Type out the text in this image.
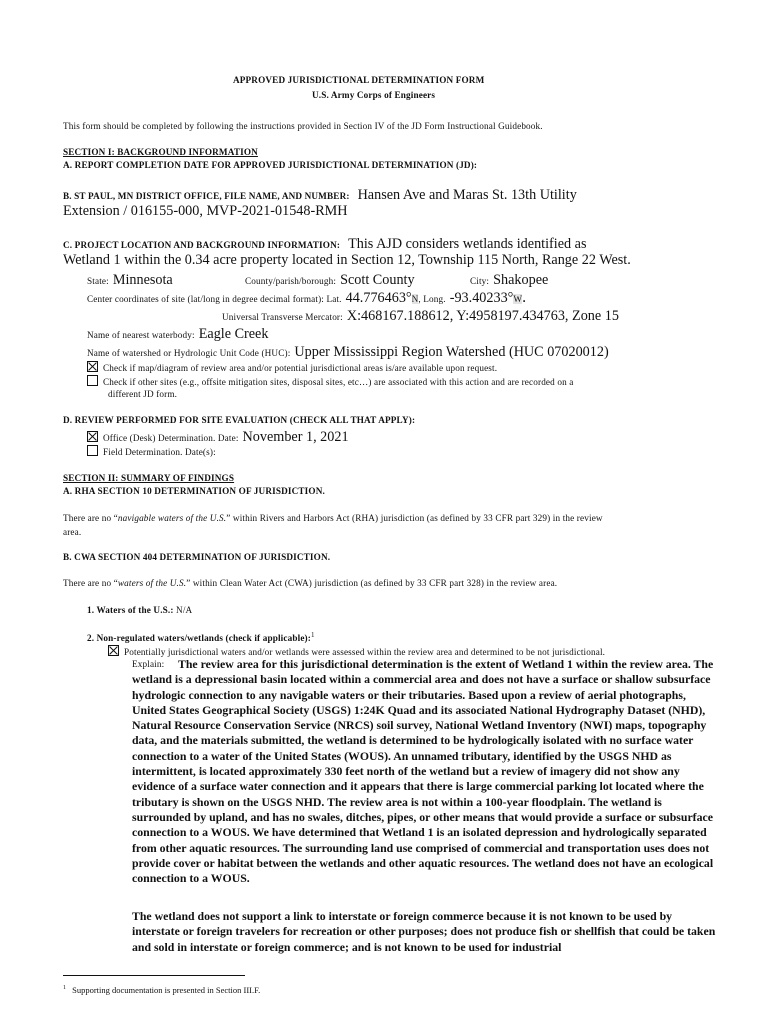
APPROVED JURISDICTIONAL DETERMINATION FORM
U.S. Army Corps of Engineers
This form should be completed by following the instructions provided in Section IV of the JD Form Instructional Guidebook.
SECTION I: BACKGROUND INFORMATION
A. REPORT COMPLETION DATE FOR APPROVED JURISDICTIONAL DETERMINATION (JD):
B. ST PAUL, MN DISTRICT OFFICE, FILE NAME, AND NUMBER: Hansen Ave and Maras St. 13th Utility
Extension / 016155-000, MVP-2021-01548-RMH
C. PROJECT LOCATION AND BACKGROUND INFORMATION: This AJD considers wetlands identified as
Wetland 1 within the 0.34 acre property located in Section 12, Township 115 North, Range 22 West.
State: Minnesota	County/parish/borough: Scott County	City: Shakopee
Center coordinates of site (lat/long in degree decimal format): Lat. 44.776463°N, Long. -93.40233°W.
Universal Transverse Mercator: X:468167.188612, Y:4958197.434763, Zone 15
Name of nearest waterbody: Eagle Creek
Name of watershed or Hydrologic Unit Code (HUC): Upper Mississippi Region Watershed (HUC 07020012)
Check if map/diagram of review area and/or potential jurisdictional areas is/are available upon request.
Check if other sites (e.g., offsite mitigation sites, disposal sites, etc…) are associated with this action and are recorded on a
different JD form.
D. REVIEW PERFORMED FOR SITE EVALUATION (CHECK ALL THAT APPLY):
Office (Desk) Determination. Date: November 1, 2021
Field Determination. Date(s):
SECTION II: SUMMARY OF FINDINGS
A. RHA SECTION 10 DETERMINATION OF JURISDICTION.
There are no “navigable waters of the U.S.” within Rivers and Harbors Act (RHA) jurisdiction (as defined by 33 CFR part 329) in the review
area.
B. CWA SECTION 404 DETERMINATION OF JURISDICTION.
There are no “waters of the U.S.” within Clean Water Act (CWA) jurisdiction (as defined by 33 CFR part 328) in the review area.
1. Waters of the U.S.: N/A
2. Non-regulated waters/wetlands (check if applicable):$^1$
Potentially jurisdictional waters and/or wetlands were assessed within the review area and determined to be not jurisdictional.
Explain:	The review area for this jurisdictional determination is the extent of Wetland 1 within the review area. The wetland is a depressional basin located within a commercial area and does not have a surface or shallow subsurface hydrologic connection to any navigable waters or their tributaries. Based upon a review of aerial photographs, United States Geographical Society (USGS) 1:24K Quad and its associated National Hydrography Dataset (NHD), Natural Resource Conservation Service (NRCS) soil survey, National Wetland Inventory (NWI) maps, topography data, and the materials submitted, the wetland is determined to be hydrologically isolated with no surface water connection to a water of the United States (WOUS). An unnamed tributary, identified by the USGS NHD as intermittent, is located approximately 330 feet north of the wetland but a review of imagery did not show any evidence of a surface water connection and it appears that there is large commercial parking lot located where the tributary is shown on the USGS NHD. The review area is not within a 100-year floodplain. The wetland is surrounded by upland, and has no swales, ditches, pipes, or other means that would provide a surface or subsurface connection to a WOUS. We have determined that Wetland 1 is an isolated depression and hydrologically separated from other aquatic resources. The surrounding land use comprised of commercial and transportation uses does not provide cover or habitat between the wetlands and other aquatic resources. The wetland does not have an ecological connection to a WOUS.
The wetland does not support a link to interstate or foreign commerce because it is not known to be used by interstate or foreign travelers for recreation or other purposes; does not produce fish or shellfish that could be taken and sold in interstate or foreign commerce; and is not known to be used for industrial
$^1$ Supporting documentation is presented in Section III.F.
